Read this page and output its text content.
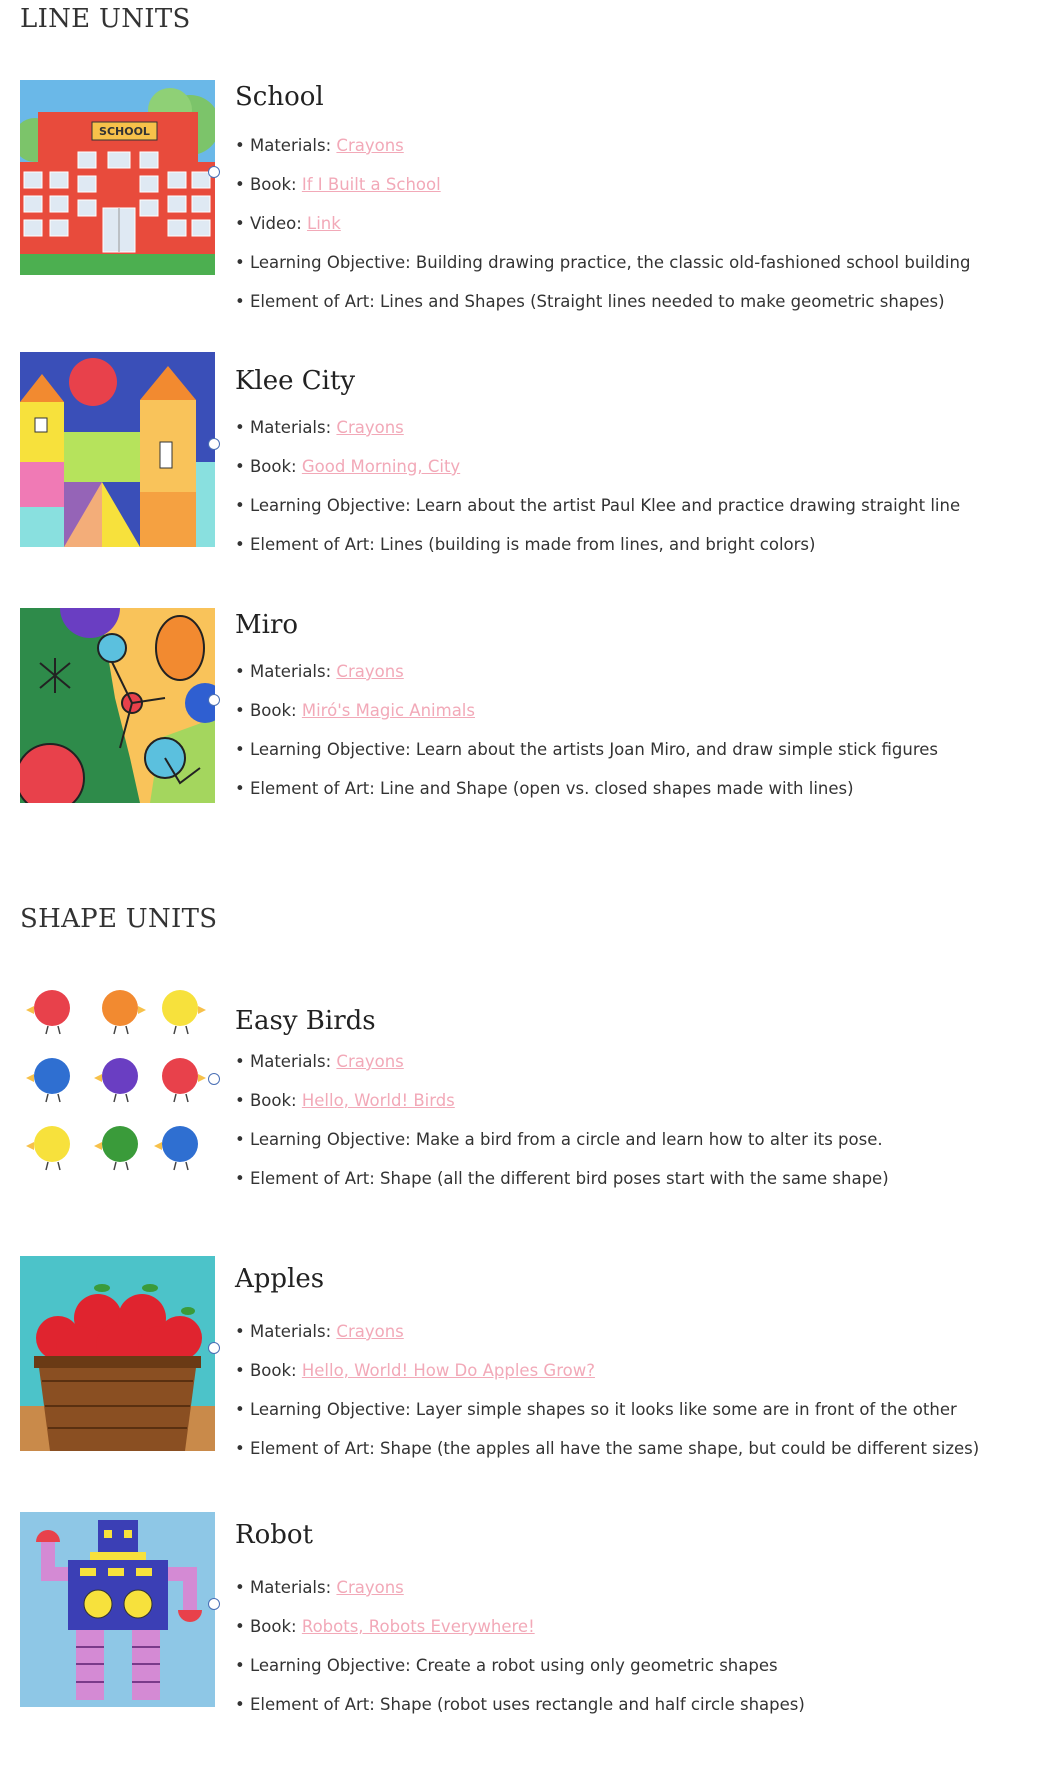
LINE UNITS
SCHOOL
School
• Materials: Crayons
• Book: If I Built a School
• Video: Link
• Learning Objective: Building drawing practice, the classic old-fashioned school building
• Element of Art: Lines and Shapes (Straight lines needed to make geometric shapes)
Klee City
• Materials: Crayons
• Book: Good Morning, City
• Learning Objective: Learn about the artist Paul Klee and practice drawing straight line
• Element of Art: Lines (building is made from lines, and bright colors)
Miro
• Materials: Crayons
• Book: Miró's Magic Animals
• Learning Objective: Learn about the artists Joan Miro, and draw simple stick figures
• Element of Art: Line and Shape (open vs. closed shapes made with lines)
SHAPE UNITS
Easy Birds
• Materials: Crayons
• Book: Hello, World! Birds
• Learning Objective: Make a bird from a circle and learn how to alter its pose.
• Element of Art: Shape (all the different bird poses start with the same shape)
Apples
• Materials: Crayons
• Book: Hello, World! How Do Apples Grow?
• Learning Objective: Layer simple shapes so it looks like some are in front of the other
• Element of Art: Shape (the apples all have the same shape, but could be different sizes)
Robot
• Materials: Crayons
• Book: Robots, Robots Everywhere!
• Learning Objective: Create a robot using only geometric shapes
• Element of Art: Shape (robot uses rectangle and half circle shapes)
